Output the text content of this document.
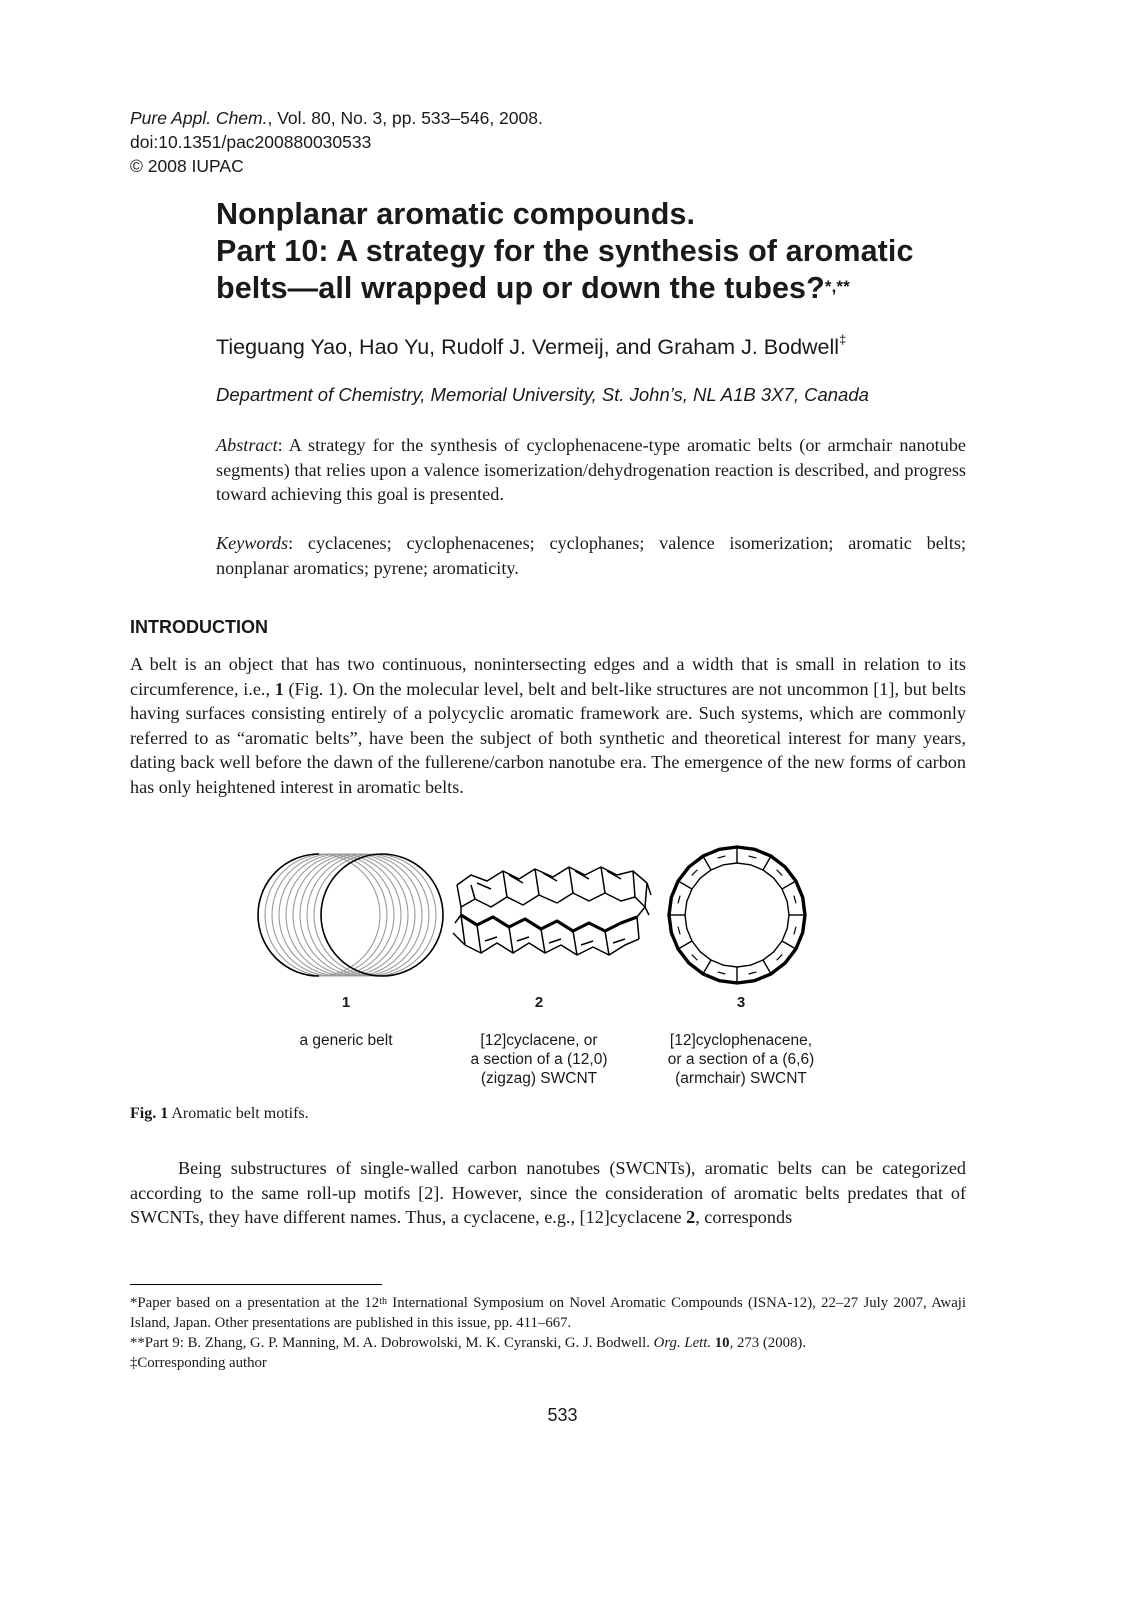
Pure Appl. Chem., Vol. 80, No. 3, pp. 533–546, 2008.
doi:10.1351/pac200880030533
© 2008 IUPAC
Nonplanar aromatic compounds.
Part 10: A strategy for the synthesis of aromatic
belts—all wrapped up or down the tubes?*,**
Tieguang Yao, Hao Yu, Rudolf J. Vermeij, and Graham J. Bodwell‡
Department of Chemistry, Memorial University, St. John’s, NL A1B 3X7, Canada
Abstract: A strategy for the synthesis of cyclophenacene-type aromatic belts (or armchair nanotube segments) that relies upon a valence isomerization/dehydrogenation reaction is described, and progress toward achieving this goal is presented.
Keywords: cyclacenes; cyclophenacenes; cyclophanes; valence isomerization; aromatic belts; nonplanar aromatics; pyrene; aromaticity.
INTRODUCTION
A belt is an object that has two continuous, nonintersecting edges and a width that is small in relation to its circumference, i.e., 1 (Fig. 1). On the molecular level, belt and belt-like structures are not uncommon [1], but belts having surfaces consisting entirely of a polycyclic aromatic framework are. Such systems, which are commonly referred to as “aromatic belts”, have been the subject of both synthetic and theoretical interest for many years, dating back well before the dawn of the fullerene/carbon nanotube era. The emergence of the new forms of carbon has only heightened interest in aromatic belts.
1	2	3
a generic belt	[12]cyclacene, or
a section of a (12,0)
(zigzag) SWCNT
[12]cyclophenacene,
or a section of a (6,6)
(armchair) SWCNT
Fig. 1 Aromatic belt motifs.
Being substructures of single-walled carbon nanotubes (SWCNTs), aromatic belts can be categorized according to the same roll-up motifs [2]. However, since the consideration of aromatic belts predates that of SWCNTs, they have different names. Thus, a cyclacene, e.g., [12]cyclacene 2, corresponds
*Paper based on a presentation at the 12th International Symposium on Novel Aromatic Compounds (ISNA-12), 22–27 July 2007, Awaji Island, Japan. Other presentations are published in this issue, pp. 411–667.
**Part 9: B. Zhang, G. P. Manning, M. A. Dobrowolski, M. K. Cyranski, G. J. Bodwell. Org. Lett. 10, 273 (2008).
‡Corresponding author
533
